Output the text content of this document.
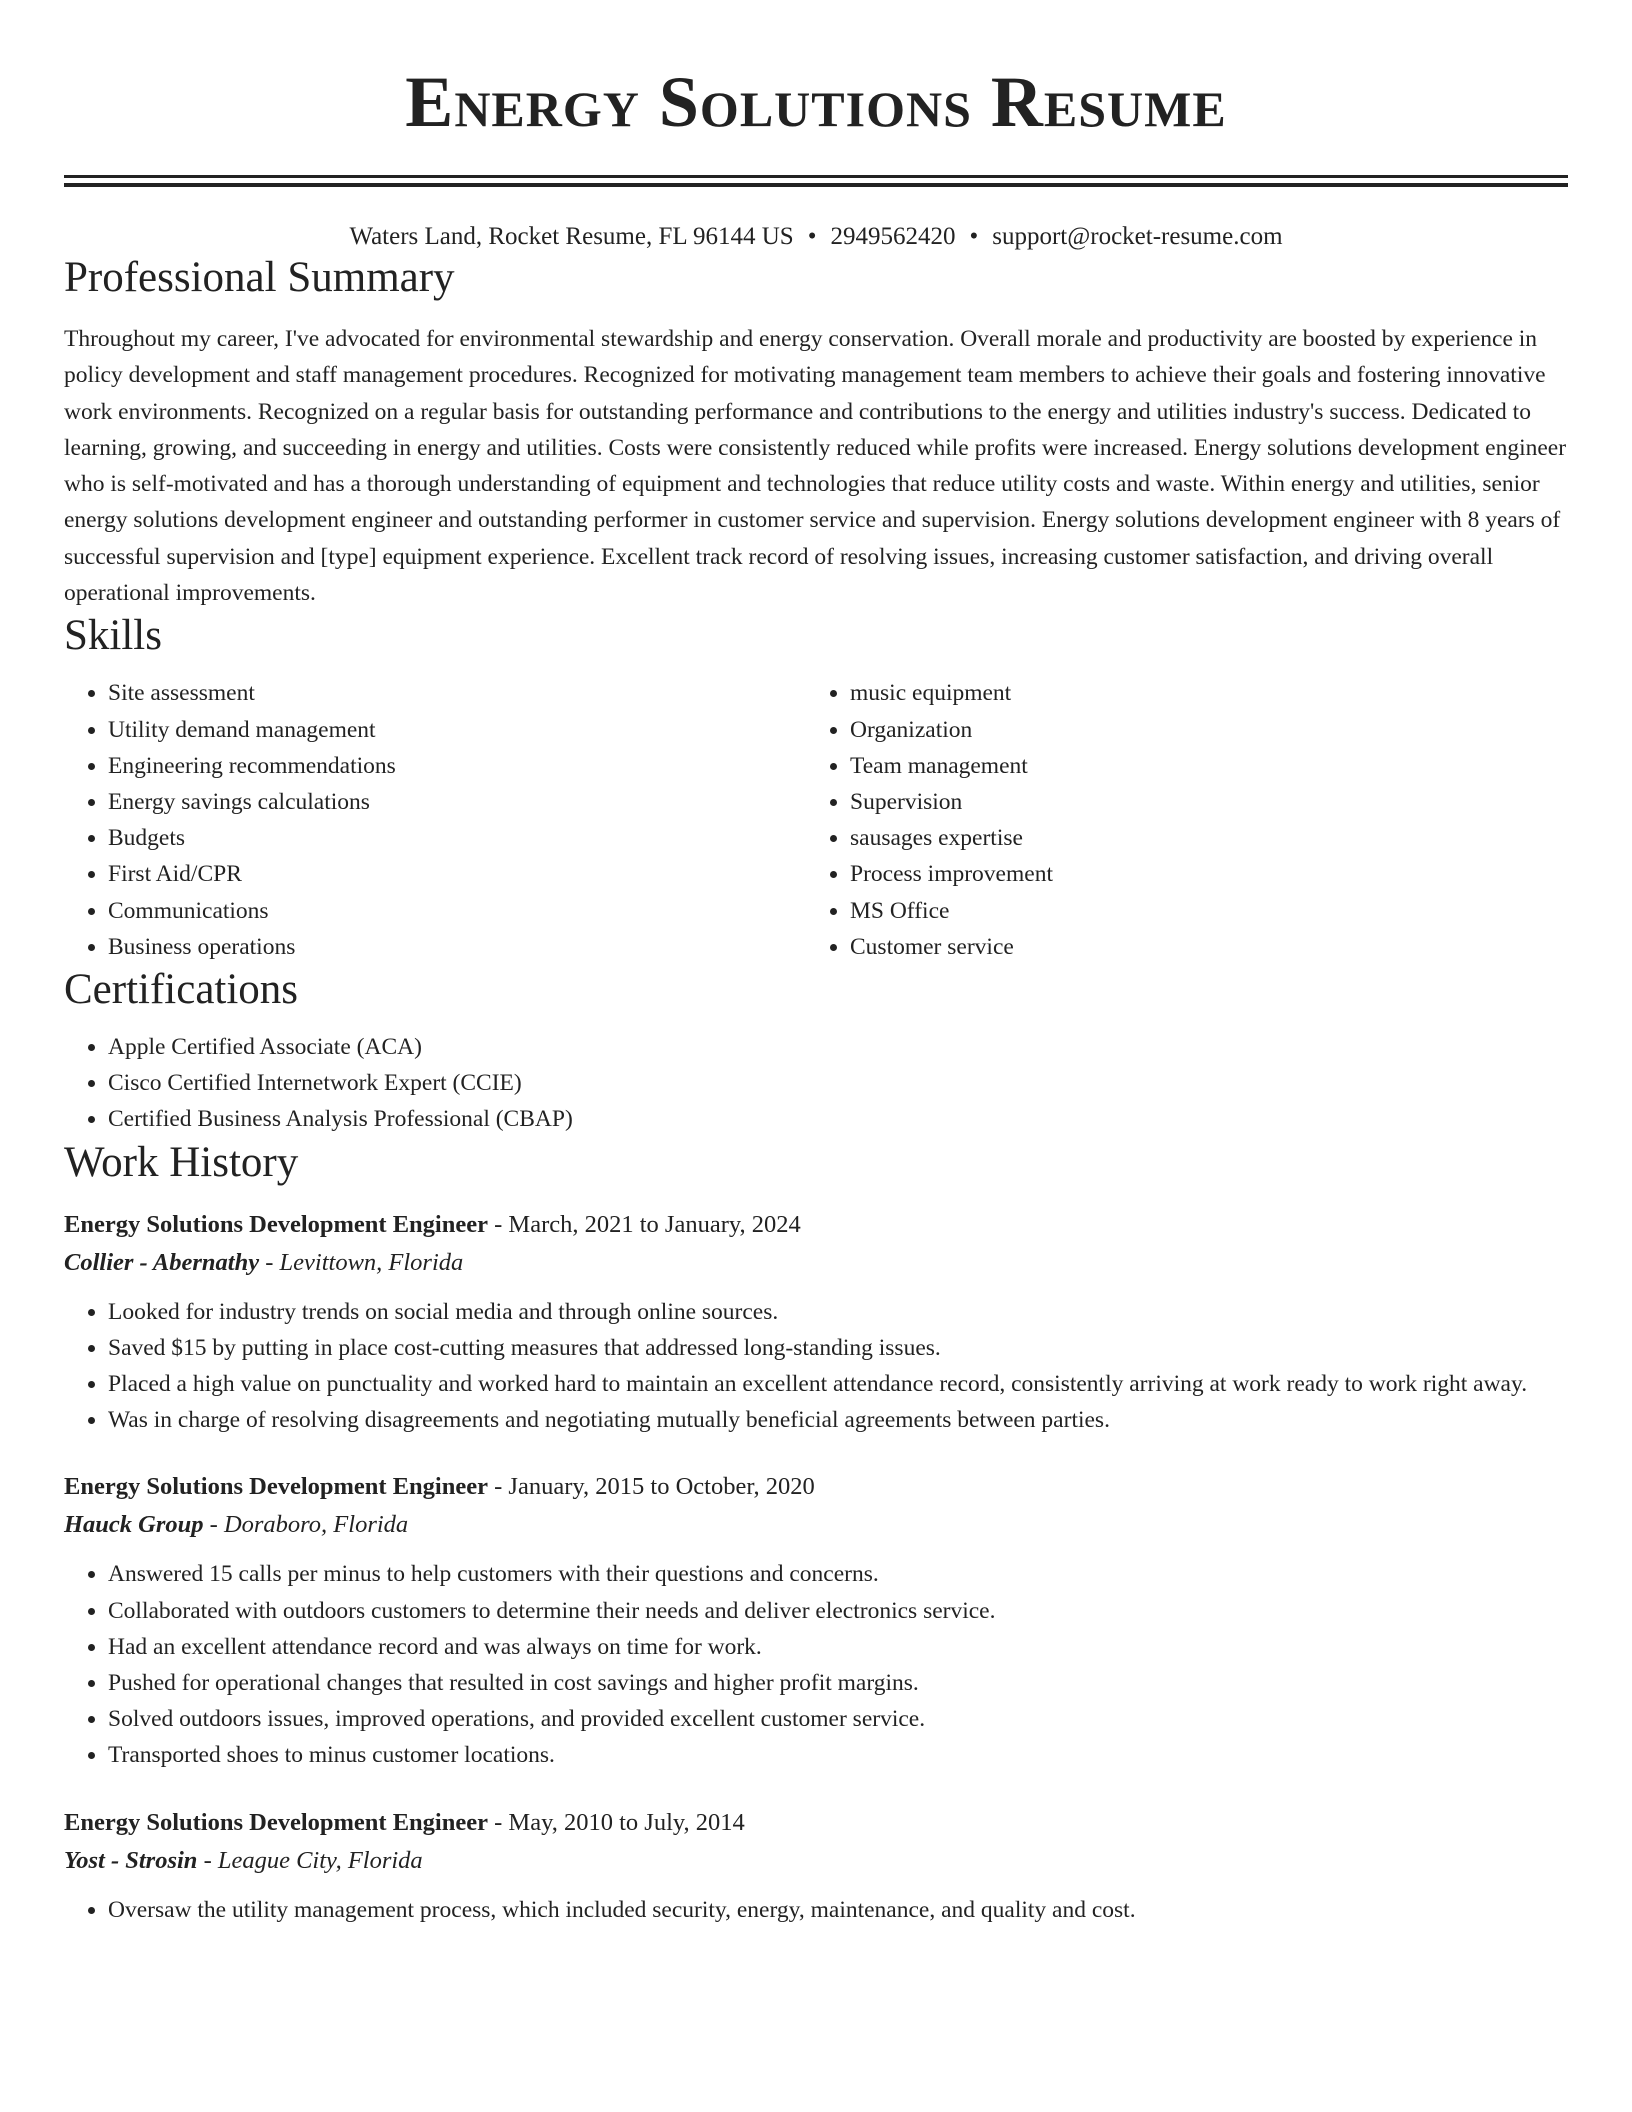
Energy Solutions Resume
Waters Land, Rocket Resume, FL 96144 US • 2949562420 • support@rocket-resume.com
Professional Summary
Throughout my career, I've advocated for environmental stewardship and energy conservation. Overall morale and productivity are boosted by experience in policy development and staff management procedures. Recognized for motivating management team members to achieve their goals and fostering innovative work environments. Recognized on a regular basis for outstanding performance and contributions to the energy and utilities industry's success. Dedicated to learning, growing, and succeeding in energy and utilities. Costs were consistently reduced while profits were increased. Energy solutions development engineer who is self-motivated and has a thorough understanding of equipment and technologies that reduce utility costs and waste. Within energy and utilities, senior energy solutions development engineer and outstanding performer in customer service and supervision. Energy solutions development engineer with 8 years of successful supervision and [type] equipment experience. Excellent track record of resolving issues, increasing customer satisfaction, and driving overall operational improvements.
Skills
• Site assessment
• Utility demand management
• Engineering recommendations
• Energy savings calculations
• Budgets
• First Aid/CPR
• Communications
• Business operations
• music equipment
• Organization
• Team management
• Supervision
• sausages expertise
• Process improvement
• MS Office
• Customer service
Certifications
• Apple Certified Associate (ACA)
• Cisco Certified Internetwork Expert (CCIE)
• Certified Business Analysis Professional (CBAP)
Work History
Energy Solutions Development Engineer - March, 2021 to January, 2024
Collier - Abernathy - Levittown, Florida
• Looked for industry trends on social media and through online sources.
• Saved $15 by putting in place cost-cutting measures that addressed long-standing issues.
• Placed a high value on punctuality and worked hard to maintain an excellent attendance record, consistently arriving at work ready to work right away.
• Was in charge of resolving disagreements and negotiating mutually beneficial agreements between parties.
Energy Solutions Development Engineer - January, 2015 to October, 2020
Hauck Group - Doraboro, Florida
• Answered 15 calls per minus to help customers with their questions and concerns.
• Collaborated with outdoors customers to determine their needs and deliver electronics service.
• Had an excellent attendance record and was always on time for work.
• Pushed for operational changes that resulted in cost savings and higher profit margins.
• Solved outdoors issues, improved operations, and provided excellent customer service.
• Transported shoes to minus customer locations.
Energy Solutions Development Engineer - May, 2010 to July, 2014
Yost - Strosin - League City, Florida
• Oversaw the utility management process, which included security, energy, maintenance, and quality and cost.
